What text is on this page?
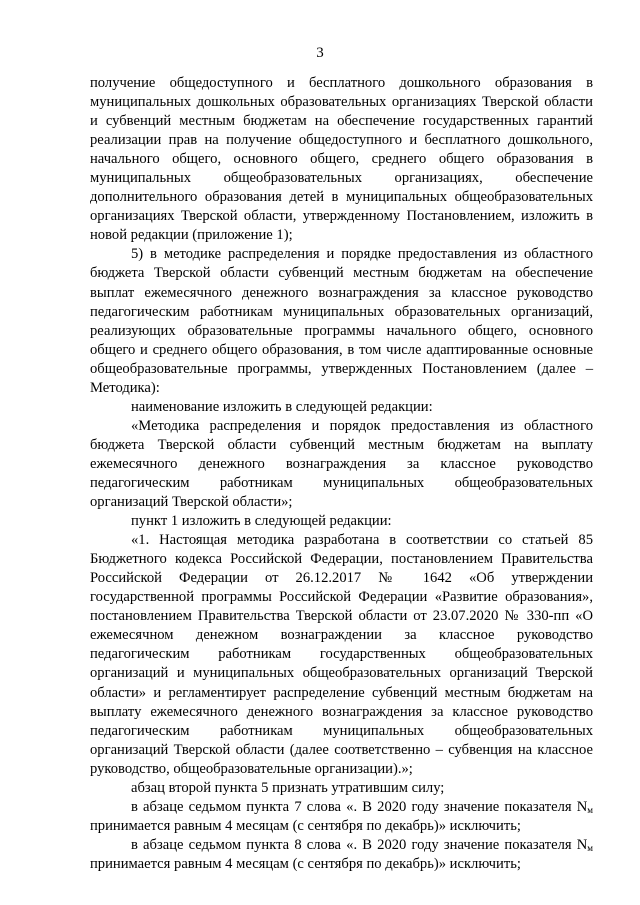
3

получение общедоступного и бесплатного дошкольного образования в муниципальных дошкольных образовательных организациях Тверской области и субвенций местным бюджетам на обеспечение государственных гарантий реализации прав на получение общедоступного и бесплатного дошкольного, начального общего, основного общего, среднего общего образования в муниципальных общеобразовательных организациях, обеспечение дополнительного образования детей в муниципальных общеобразовательных организациях Тверской области, утвержденному Постановлением, изложить в новой редакции (приложение 1);

5) в методике распределения и порядке предоставления из областного бюджета Тверской области субвенций местным бюджетам на обеспечение выплат ежемесячного денежного вознаграждения за классное руководство педагогическим работникам муниципальных образовательных организаций, реализующих образовательные программы начального общего, основного общего и среднего общего образования, в том числе адаптированные основные общеобразовательные программы, утвержденных Постановлением (далее – Методика):

наименование изложить в следующей редакции:

«Методика распределения и порядок предоставления из областного бюджета Тверской области субвенций местным бюджетам на выплату ежемесячного денежного вознаграждения за классное руководство педагогическим работникам муниципальных общеобразовательных организаций Тверской области»;

пункт 1 изложить в следующей редакции:

«1. Настоящая методика разработана в соответствии со статьей 85 Бюджетного кодекса Российской Федерации, постановлением Правительства Российской Федерации от 26.12.2017 № 1642 «Об утверждении государственной программы Российской Федерации «Развитие образования», постановлением Правительства Тверской области от 23.07.2020 № 330-пп «О ежемесячном денежном вознаграждении за классное руководство педагогическим работникам государственных общеобразовательных организаций и муниципальных общеобразовательных организаций Тверской области» и регламентирует распределение субвенций местным бюджетам на выплату ежемесячного денежного вознаграждения за классное руководство педагогическим работникам муниципальных общеобразовательных организаций Тверской области (далее соответственно – субвенция на классное руководство, общеобразовательные организации).»;

абзац второй пункта 5 признать утратившим силу;

в абзаце седьмом пункта 7 слова «. В 2020 году значение показателя $N_м$ принимается равным 4 месяцам (с сентября по декабрь)» исключить;

в абзаце седьмом пункта 8 слова «. В 2020 году значение показателя $N_м$ принимается равным 4 месяцам (с сентября по декабрь)» исключить;
